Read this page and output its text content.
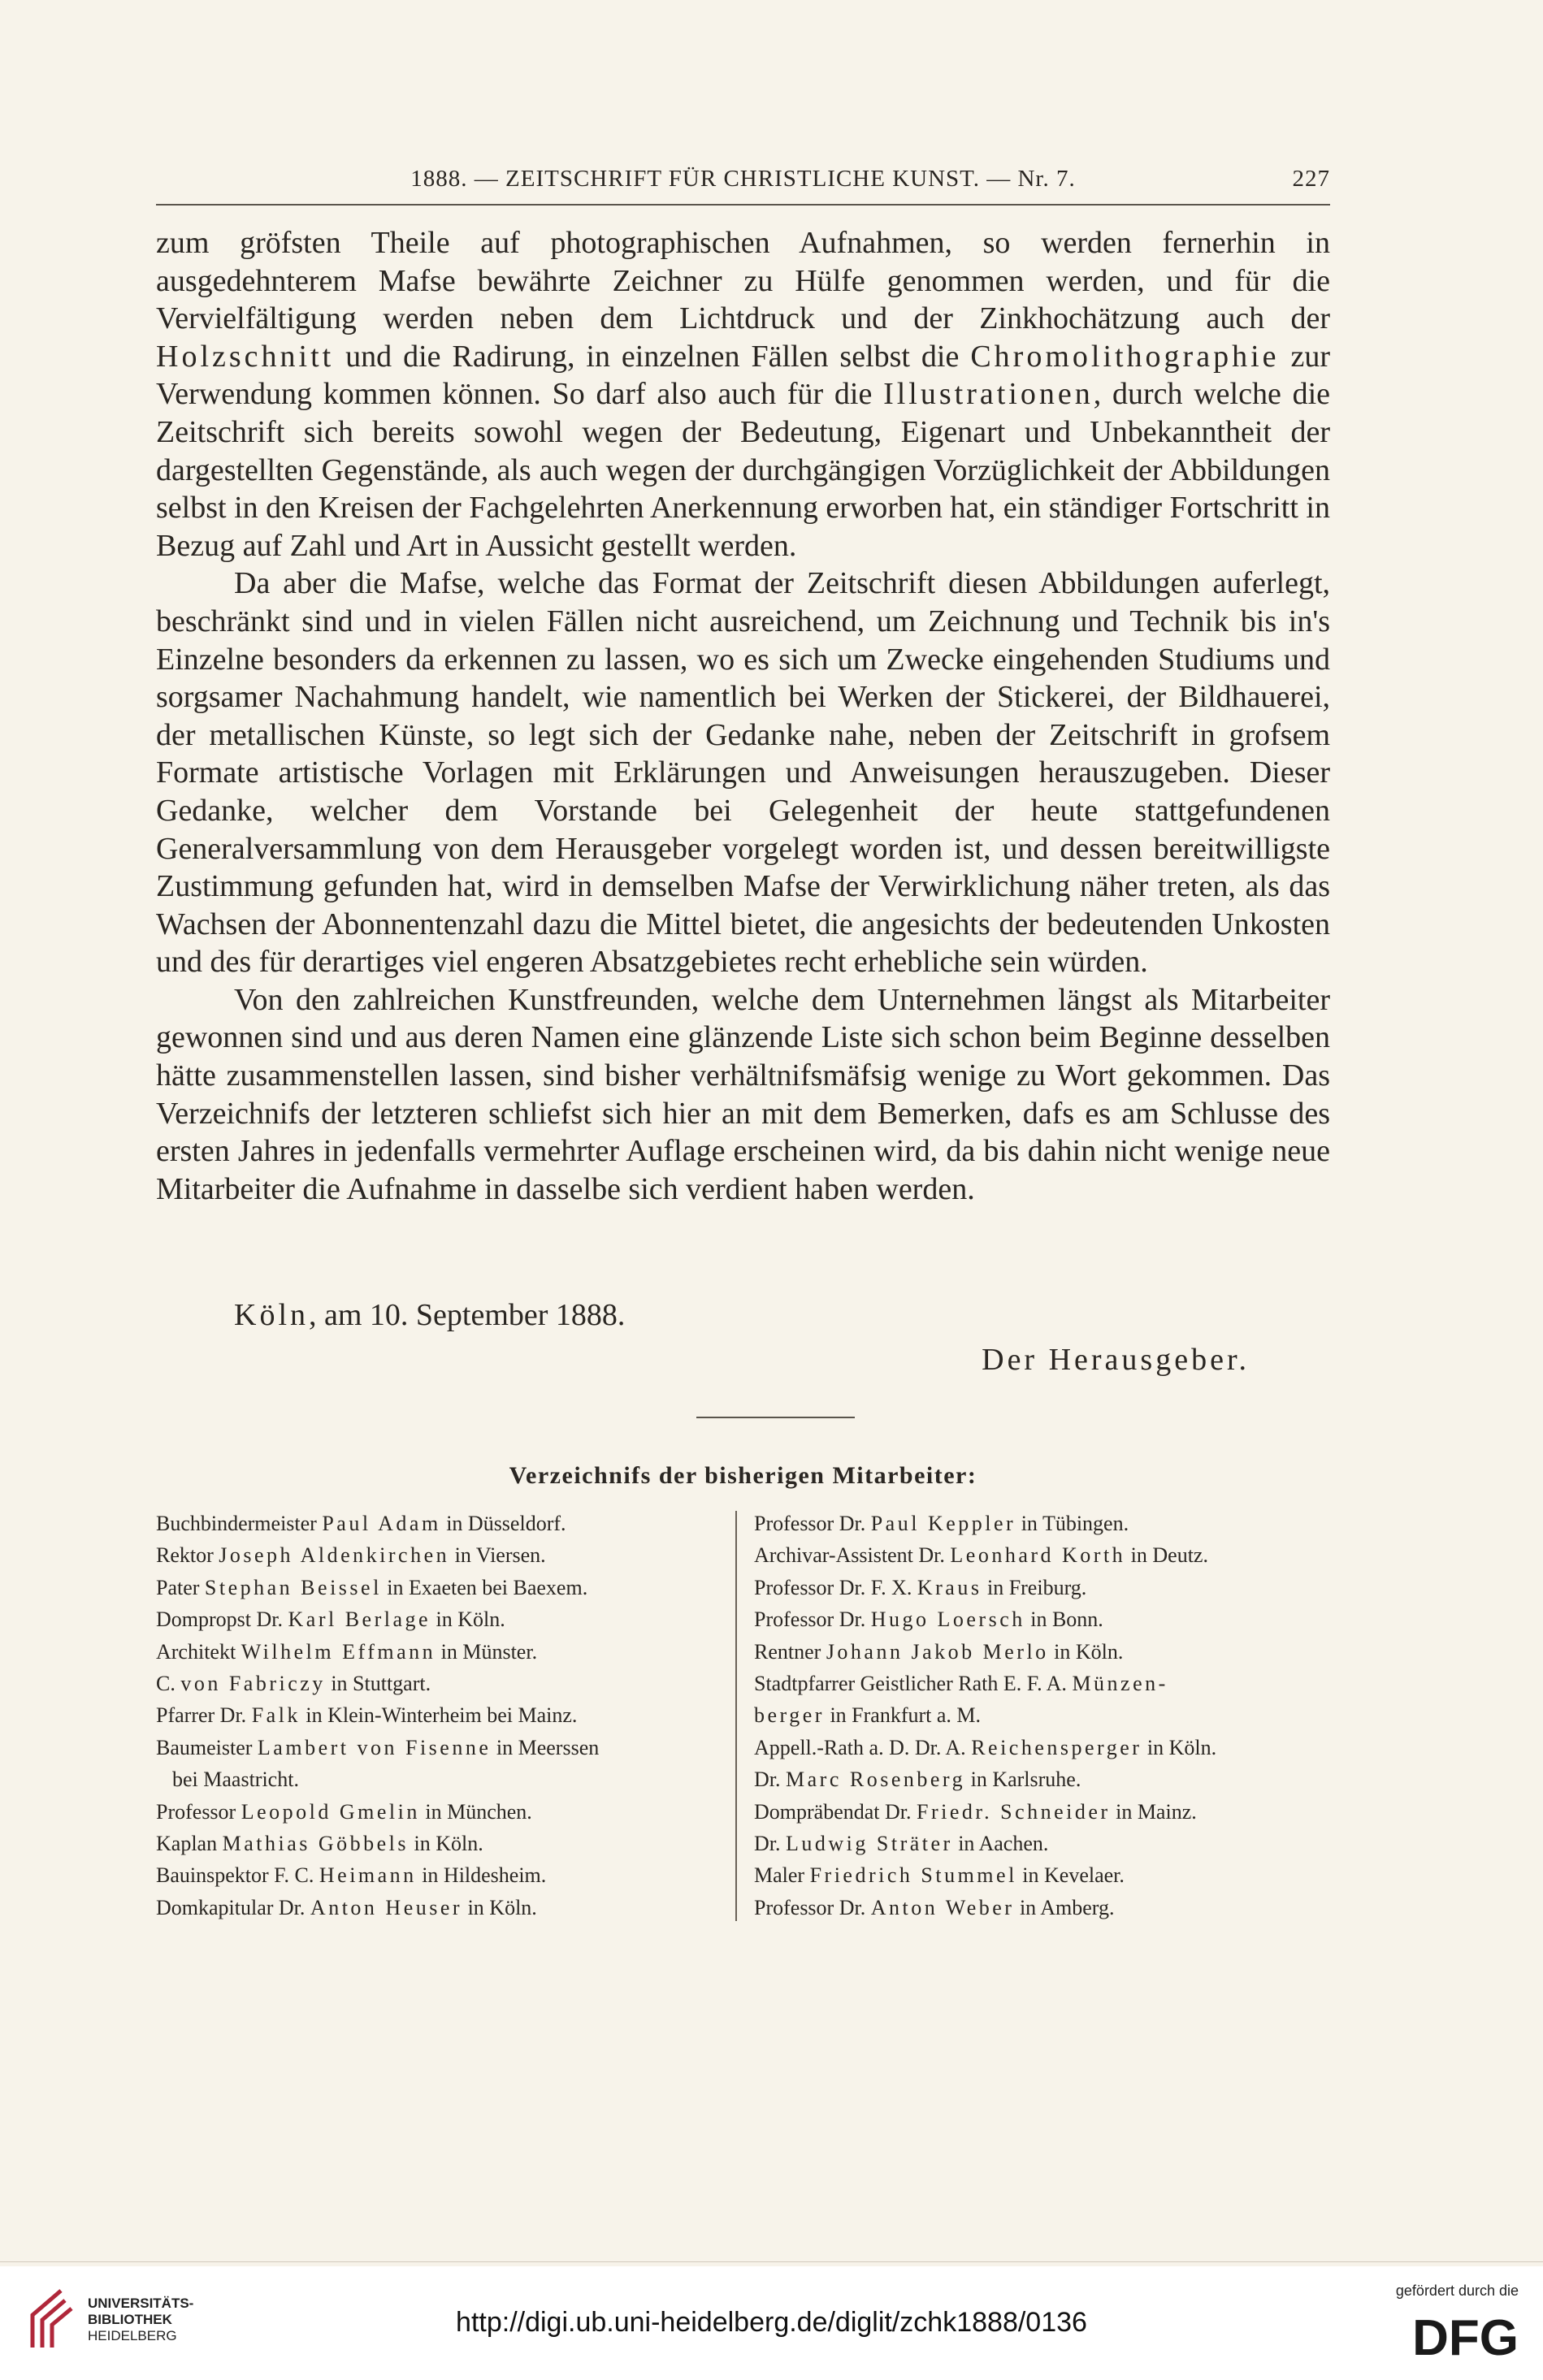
1888. — ZEITSCHRIFT FÜR CHRISTLICHE KUNST. — Nr. 7.	227

zum gröfsten Theile auf photographischen Aufnahmen, so werden fernerhin in ausgedehnterem Mafse bewährte Zeichner zu Hülfe genommen werden, und für die Vervielfältigung werden neben dem Lichtdruck und der Zinkhochätzung auch der Holzschnitt und die Radirung, in einzelnen Fällen selbst die Chromolithographie zur Verwendung kommen können. So darf also auch für die Illustrationen, durch welche die Zeitschrift sich bereits sowohl wegen der Bedeutung, Eigenart und Unbekanntheit der dargestellten Gegenstände, als auch wegen der durchgängigen Vorzüglichkeit der Abbildungen selbst in den Kreisen der Fachgelehrten Anerkennung erworben hat, ein ständiger Fortschritt in Bezug auf Zahl und Art in Aussicht gestellt werden.

Da aber die Mafse, welche das Format der Zeitschrift diesen Abbildungen auferlegt, beschränkt sind und in vielen Fällen nicht ausreichend, um Zeichnung und Technik bis in's Einzelne besonders da erkennen zu lassen, wo es sich um Zwecke eingehenden Studiums und sorgsamer Nachahmung handelt, wie namentlich bei Werken der Stickerei, der Bildhauerei, der metallischen Künste, so legt sich der Gedanke nahe, neben der Zeitschrift in grofsem Formate artistische Vorlagen mit Erklärungen und Anweisungen herauszugeben. Dieser Gedanke, welcher dem Vorstande bei Gelegenheit der heute stattgefundenen Generalversammlung von dem Herausgeber vorgelegt worden ist, und dessen bereitwilligste Zustimmung gefunden hat, wird in demselben Mafse der Verwirklichung näher treten, als das Wachsen der Abonnentenzahl dazu die Mittel bietet, die angesichts der bedeutenden Unkosten und des für derartiges viel engeren Absatzgebietes recht erhebliche sein würden.

Von den zahlreichen Kunstfreunden, welche dem Unternehmen längst als Mitarbeiter gewonnen sind und aus deren Namen eine glänzende Liste sich schon beim Beginne desselben hätte zusammenstellen lassen, sind bisher verhältnifsmäfsig wenige zu Wort gekommen. Das Verzeichnifs der letzteren schliefst sich hier an mit dem Bemerken, dafs es am Schlusse des ersten Jahres in jedenfalls vermehrter Auflage erscheinen wird, da bis dahin nicht wenige neue Mitarbeiter die Aufnahme in dasselbe sich verdient haben werden.

Köln, am 10. September 1888.
Der Herausgeber.
Verzeichnifs der bisherigen Mitarbeiter:
Buchbindermeister Paul Adam in Düsseldorf.
Rektor Joseph Aldenkirchen in Viersen.
Pater Stephan Beissel in Exaeten bei Baexem.
Dompropst Dr. Karl Berlage in Köln.
Architekt Wilhelm Effmann in Münster.
C. von Fabriczy in Stuttgart.
Pfarrer Dr. Falk in Klein-Winterheim bei Mainz.
Baumeister Lambert von Fisenne in Meerssen
bei Maastricht.
Professor Leopold Gmelin in München.
Kaplan Mathias Göbbels in Köln.
Bauinspektor F. C. Heimann in Hildesheim.
Domkapitular Dr. Anton Heuser in Köln.
Professor Dr. Paul Keppler in Tübingen.
Archivar-Assistent Dr. Leonhard Korth in Deutz.
Professor Dr. F. X. Kraus in Freiburg.
Professor Dr. Hugo Loersch in Bonn.
Rentner Johann Jakob Merlo in Köln.
Stadtpfarrer Geistlicher Rath E. F. A. Münzen-
berger in Frankfurt a. M.
Appell.-Rath a. D. Dr. A. Reichensperger in Köln.
Dr. Marc Rosenberg in Karlsruhe.
Domprӓbendat Dr. Friedr. Schneider in Mainz.
Dr. Ludwig Sträter in Aachen.
Maler Friedrich Stummel in Kevelaer.
Professor Dr. Anton Weber in Amberg.
UNIVERSITÄTS-
BIBLIOTHEK
HEIDELBERG	http://digi.ub.uni-heidelberg.de/diglit/zchk1888/0136
gefördert durch die
DFG
